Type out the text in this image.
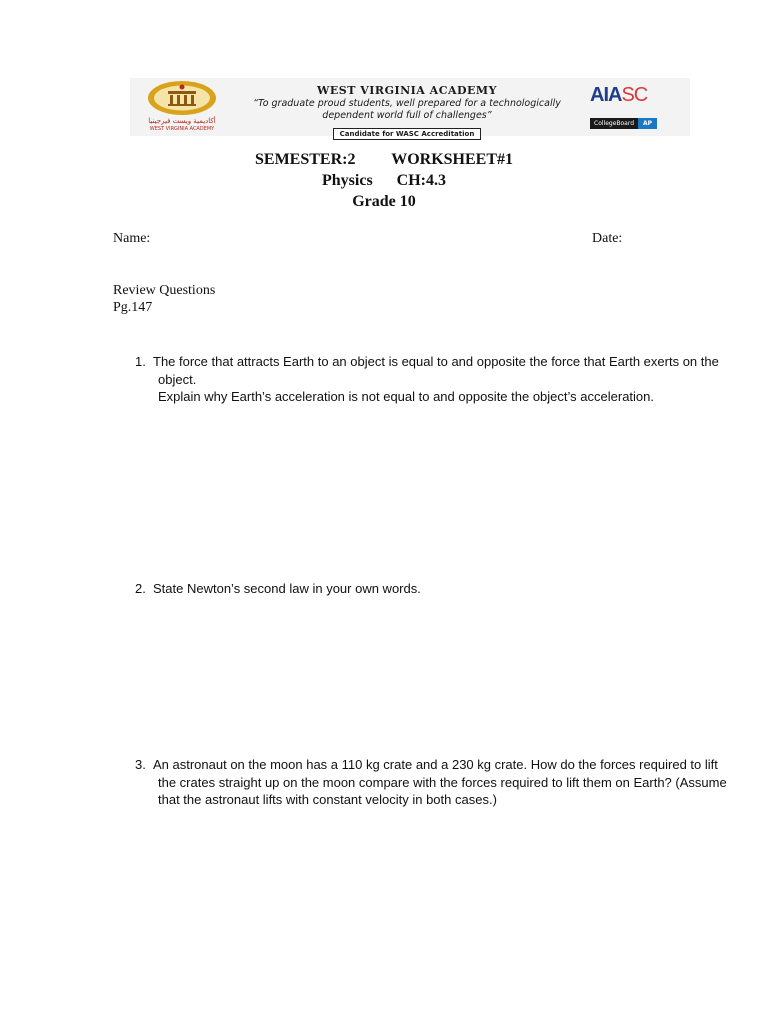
أكاديمية ويست فيرجينيا
WEST VIRGINIA ACADEMY
WEST VIRGINIA ACADEMY
“To graduate proud students, well prepared for a technologically
dependent world full of challenges”
Candidate for WASC Accreditation
AIASC
CollegeBoard	AP
SEMESTER:2 WORKSHEET#1
Physics CH:4.3
Grade 10
Name:	Date:
Review Questions
Pg.147
1. The force that attracts Earth to an object is equal to and opposite the force that Earth exerts on the object.
Explain why Earth’s acceleration is not equal to and opposite the object’s acceleration.
2. State Newton’s second law in your own words.
3. An astronaut on the moon has a 110 kg crate and a 230 kg crate. How do the forces required to lift the crates straight up on the moon compare with the forces required to lift them on Earth? (Assume that the astronaut lifts with constant velocity in both cases.)
